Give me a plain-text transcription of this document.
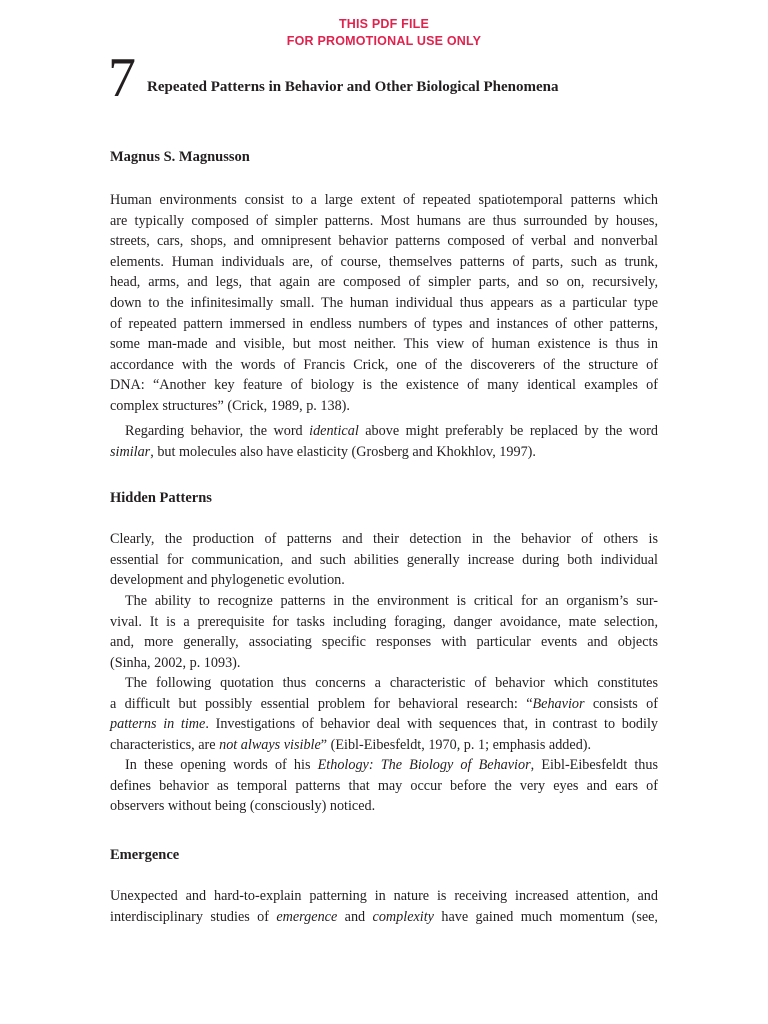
THIS PDF FILE
FOR PROMOTIONAL USE ONLY
7 Repeated Patterns in Behavior and Other Biological Phenomena
Magnus S. Magnusson
Human environments consist to a large extent of repeated spatiotemporal patterns which
are typically composed of simpler patterns. Most humans are thus surrounded by houses,
streets, cars, shops, and omnipresent behavior patterns composed of verbal and nonverbal
elements. Human individuals are, of course, themselves patterns of parts, such as trunk,
head, arms, and legs, that again are composed of simpler parts, and so on, recursively,
down to the infinitesimally small. The human individual thus appears as a particular type
of repeated pattern immersed in endless numbers of types and instances of other patterns,
some man-made and visible, but most neither. This view of human existence is thus in
accordance with the words of Francis Crick, one of the discoverers of the structure of
DNA: “Another key feature of biology is the existence of many identical examples of
complex structures” (Crick, 1989, p. 138).
Regarding behavior, the word identical above might preferably be replaced by the word
similar, but molecules also have elasticity (Grosberg and Khokhlov, 1997).
Hidden Patterns
Clearly, the production of patterns and their detection in the behavior of others is
essential for communication, and such abilities generally increase during both individual
development and phylogenetic evolution.
The ability to recognize patterns in the environment is critical for an organism’s sur-
vival. It is a prerequisite for tasks including foraging, danger avoidance, mate selection,
and, more generally, associating specific responses with particular events and objects
(Sinha, 2002, p. 1093).
The following quotation thus concerns a characteristic of behavior which constitutes
a difficult but possibly essential problem for behavioral research: “Behavior consists of
patterns in time. Investigations of behavior deal with sequences that, in contrast to bodily
characteristics, are not always visible” (Eibl-Eibesfeldt, 1970, p. 1; emphasis added).
In these opening words of his Ethology: The Biology of Behavior, Eibl-Eibesfeldt thus
defines behavior as temporal patterns that may occur before the very eyes and ears of
observers without being (consciously) noticed.
Emergence
Unexpected and hard-to-explain patterning in nature is receiving increased attention, and
interdisciplinary studies of emergence and complexity have gained much momentum (see,
